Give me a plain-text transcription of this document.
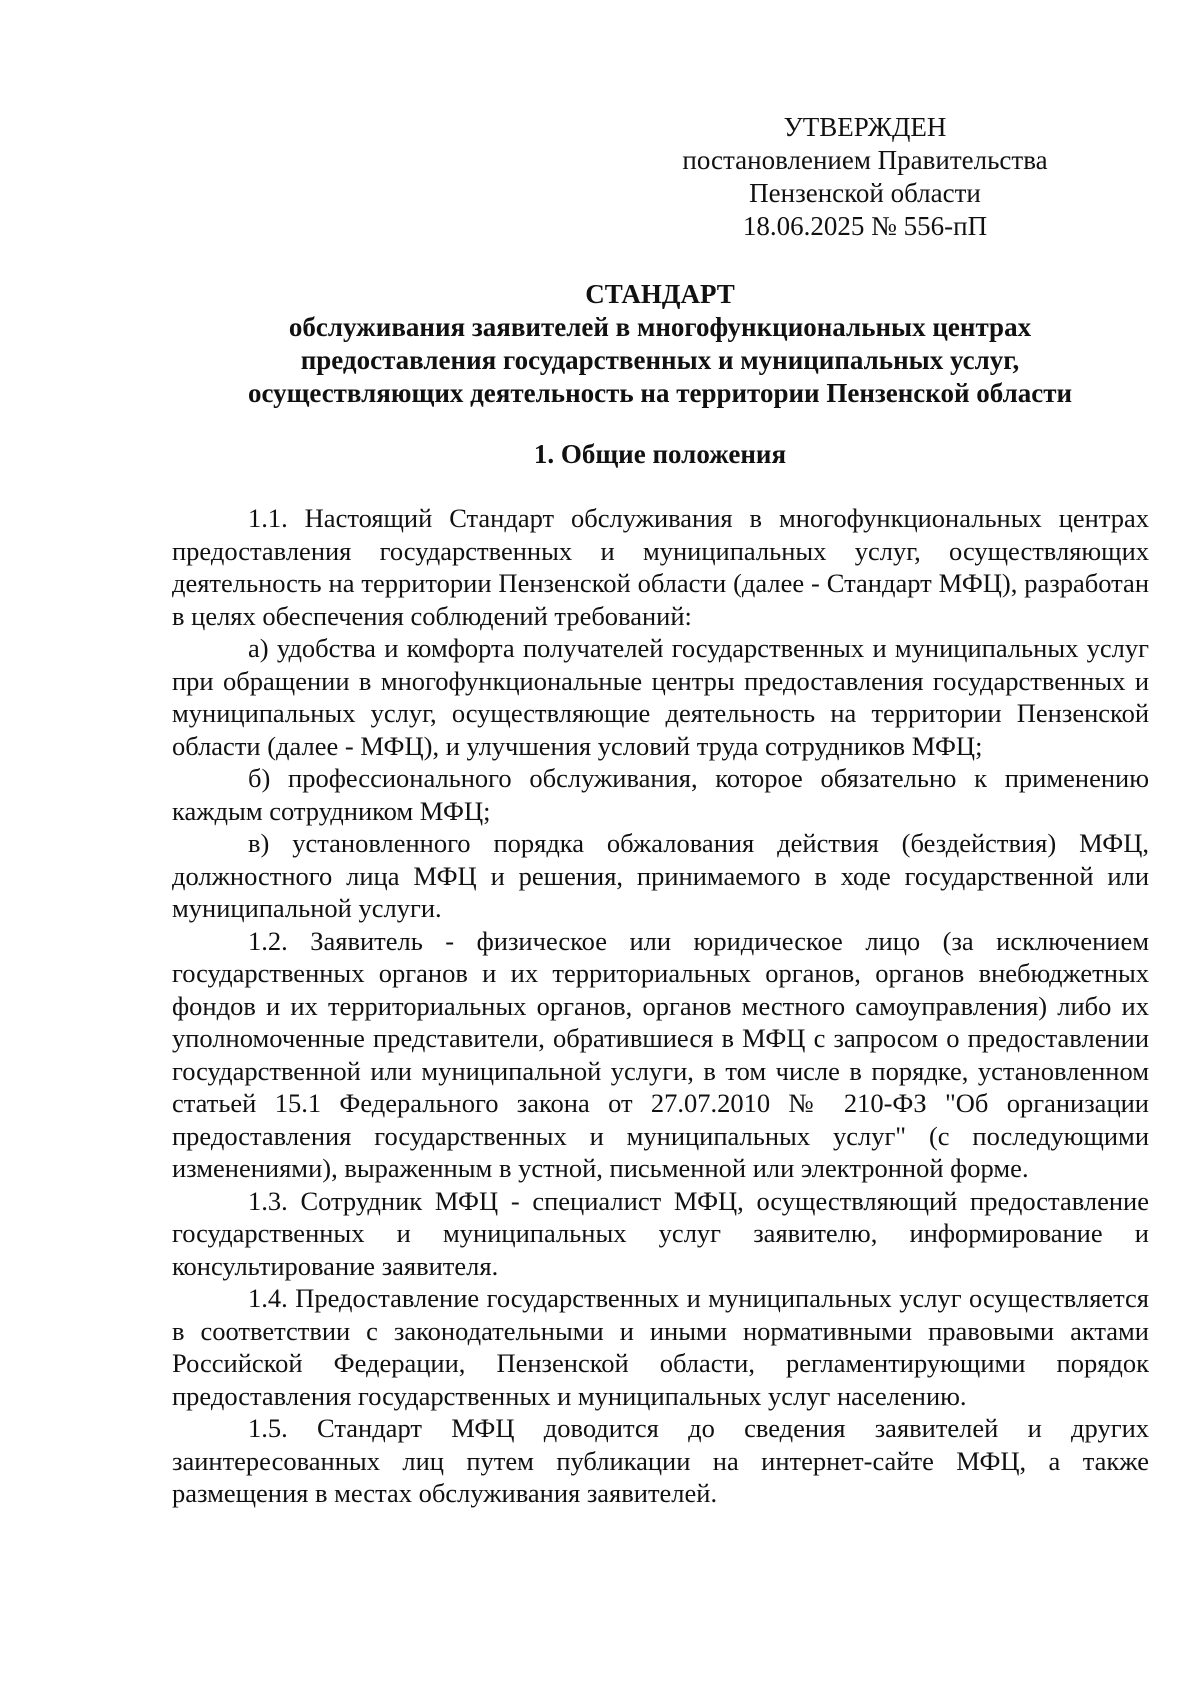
УТВЕРЖДЕН
постановлением Правительства
Пензенской области
18.06.2025 № 556-пП
СТАНДАРТ
обслуживания заявителей в многофункциональных центрах
предоставления государственных и муниципальных услуг,
осуществляющих деятельность на территории Пензенской области
1. Общие положения

1.1. Настоящий Стандарт обслуживания в многофункциональных центрах предоставления государственных и муниципальных услуг, осуществляющих деятельность на территории Пензенской области (далее - Стандарт МФЦ), разработан в целях обеспечения соблюдений требований:

а) удобства и комфорта получателей государственных и муниципальных услуг при обращении в многофункциональные центры предоставления государственных и муниципальных услуг, осуществляющие деятельность на территории Пензенской области (далее - МФЦ), и улучшения условий труда сотрудников МФЦ;

б) профессионального обслуживания, которое обязательно к применению каждым сотрудником МФЦ;

в) установленного порядка обжалования действия (бездействия) МФЦ, должностного лица МФЦ и решения, принимаемого в ходе государственной или муниципальной услуги.

1.2. Заявитель - физическое или юридическое лицо (за исключением государственных органов и их территориальных органов, органов внебюджетных фондов и их территориальных органов, органов местного самоуправления) либо их уполномоченные представители, обратившиеся в МФЦ с запросом о предоставлении государственной или муниципальной услуги, в том числе в порядке, установленном статьей 15.1 Федерального закона от 27.07.2010 № 210-ФЗ "Об организации предоставления государственных и муниципальных услуг" (с последующими изменениями), выраженным в устной, письменной или электронной форме.

1.3. Сотрудник МФЦ - специалист МФЦ, осуществляющий предоставление государственных и муниципальных услуг заявителю, информирование и консультирование заявителя.

1.4. Предоставление государственных и муниципальных услуг осуществляется в соответствии с законодательными и иными нормативными правовыми актами Российской Федерации, Пензенской области, регламентирующими порядок предоставления государственных и муниципальных услуг населению.

1.5. Стандарт МФЦ доводится до сведения заявителей и других заинтересованных лиц путем публикации на интернет-сайте МФЦ, а также размещения в местах обслуживания заявителей.
